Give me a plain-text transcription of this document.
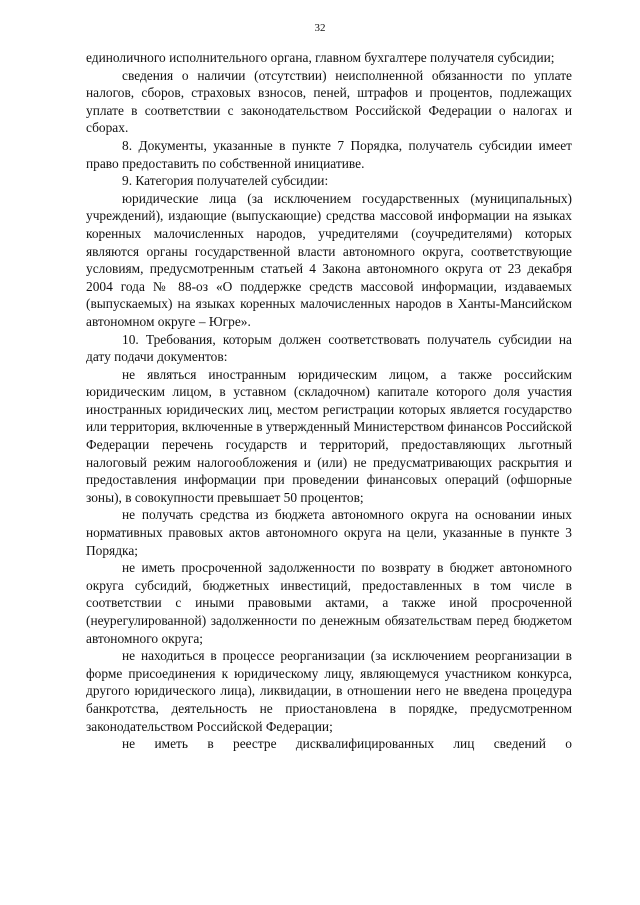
32

единоличного исполнительного органа, главном бухгалтере получателя субсидии;

сведения о наличии (отсутствии) неисполненной обязанности по уплате налогов, сборов, страховых взносов, пеней, штрафов и процентов, подлежащих уплате в соответствии с законодательством Российской Федерации о налогах и сборах.

8. Документы, указанные в пункте 7 Порядка, получатель субсидии имеет право предоставить по собственной инициативе.

9. Категория получателей субсидии:

юридические лица (за исключением государственных (муниципальных) учреждений), издающие (выпускающие) средства массовой информации на языках коренных малочисленных народов, учредителями (соучредителями) которых являются органы государственной власти автономного округа, соответствующие условиям, предусмотренным статьей 4 Закона автономного округа от 23 декабря 2004 года № 88-оз «О поддержке средств массовой информации, издаваемых (выпускаемых) на языках коренных малочисленных народов в Ханты-Мансийском автономном округе – Югре».

10. Требования, которым должен соответствовать получатель субсидии на дату подачи документов:

не являться иностранным юридическим лицом, а также российским юридическим лицом, в уставном (складочном) капитале которого доля участия иностранных юридических лиц, местом регистрации которых является государство или территория, включенные в утвержденный Министерством финансов Российской Федерации перечень государств и территорий, предоставляющих льготный налоговый режим налогообложения и (или) не предусматривающих раскрытия и предоставления информации при проведении финансовых операций (офшорные зоны), в совокупности превышает 50 процентов;

не получать средства из бюджета автономного округа на основании иных нормативных правовых актов автономного округа на цели, указанные в пункте 3 Порядка;

не иметь просроченной задолженности по возврату в бюджет автономного округа субсидий, бюджетных инвестиций, предоставленных в том числе в соответствии с иными правовыми актами, а также иной просроченной (неурегулированной) задолженности по денежным обязательствам перед бюджетом автономного округа;

не находиться в процессе реорганизации (за исключением реорганизации в форме присоединения к юридическому лицу, являющемуся участником конкурса, другого юридического лица), ликвидации, в отношении него не введена процедура банкротства, деятельность не приостановлена в порядке, предусмотренном законодательством Российской Федерации;

не иметь в реестре дисквалифицированных лиц сведений о
